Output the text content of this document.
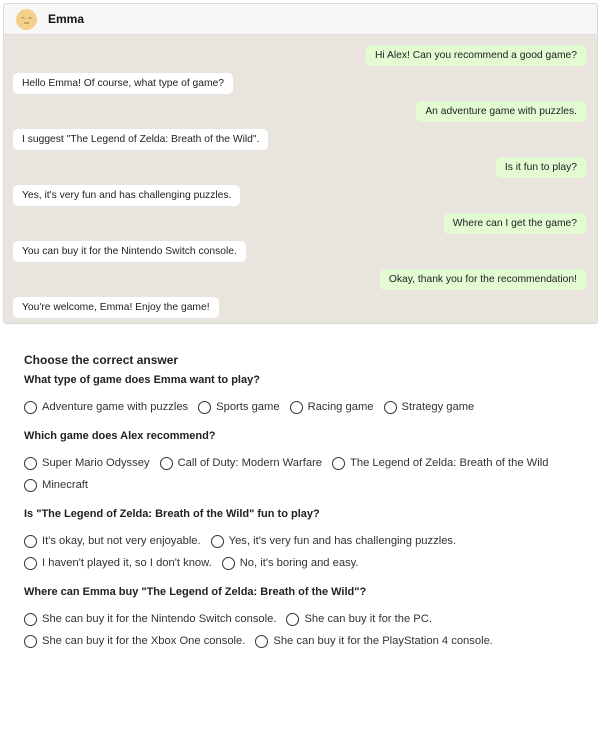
Emma
Hi Alex! Can you recommend a good game?
Hello Emma! Of course, what type of game?
An adventure game with puzzles.
I suggest "The Legend of Zelda: Breath of the Wild".
Is it fun to play?
Yes, it's very fun and has challenging puzzles.
Where can I get the game?
You can buy it for the Nintendo Switch console.
Okay, thank you for the recommendation!
You're welcome, Emma! Enjoy the game!
Choose the correct answer
What type of game does Emma want to play?
Adventure game with puzzles	Sports game	Racing game	Strategy game
Which game does Alex recommend?
Super Mario Odyssey	Call of Duty: Modern Warfare	The Legend of Zelda: Breath of the Wild
Minecraft
Is "The Legend of Zelda: Breath of the Wild" fun to play?
It's okay, but not very enjoyable.	Yes, it's very fun and has challenging puzzles.
I haven't played it, so I don't know.	No, it's boring and easy.
Where can Emma buy "The Legend of Zelda: Breath of the Wild"?
She can buy it for the Nintendo Switch console.	She can buy it for the PC.
She can buy it for the Xbox One console.	She can buy it for the PlayStation 4 console.
